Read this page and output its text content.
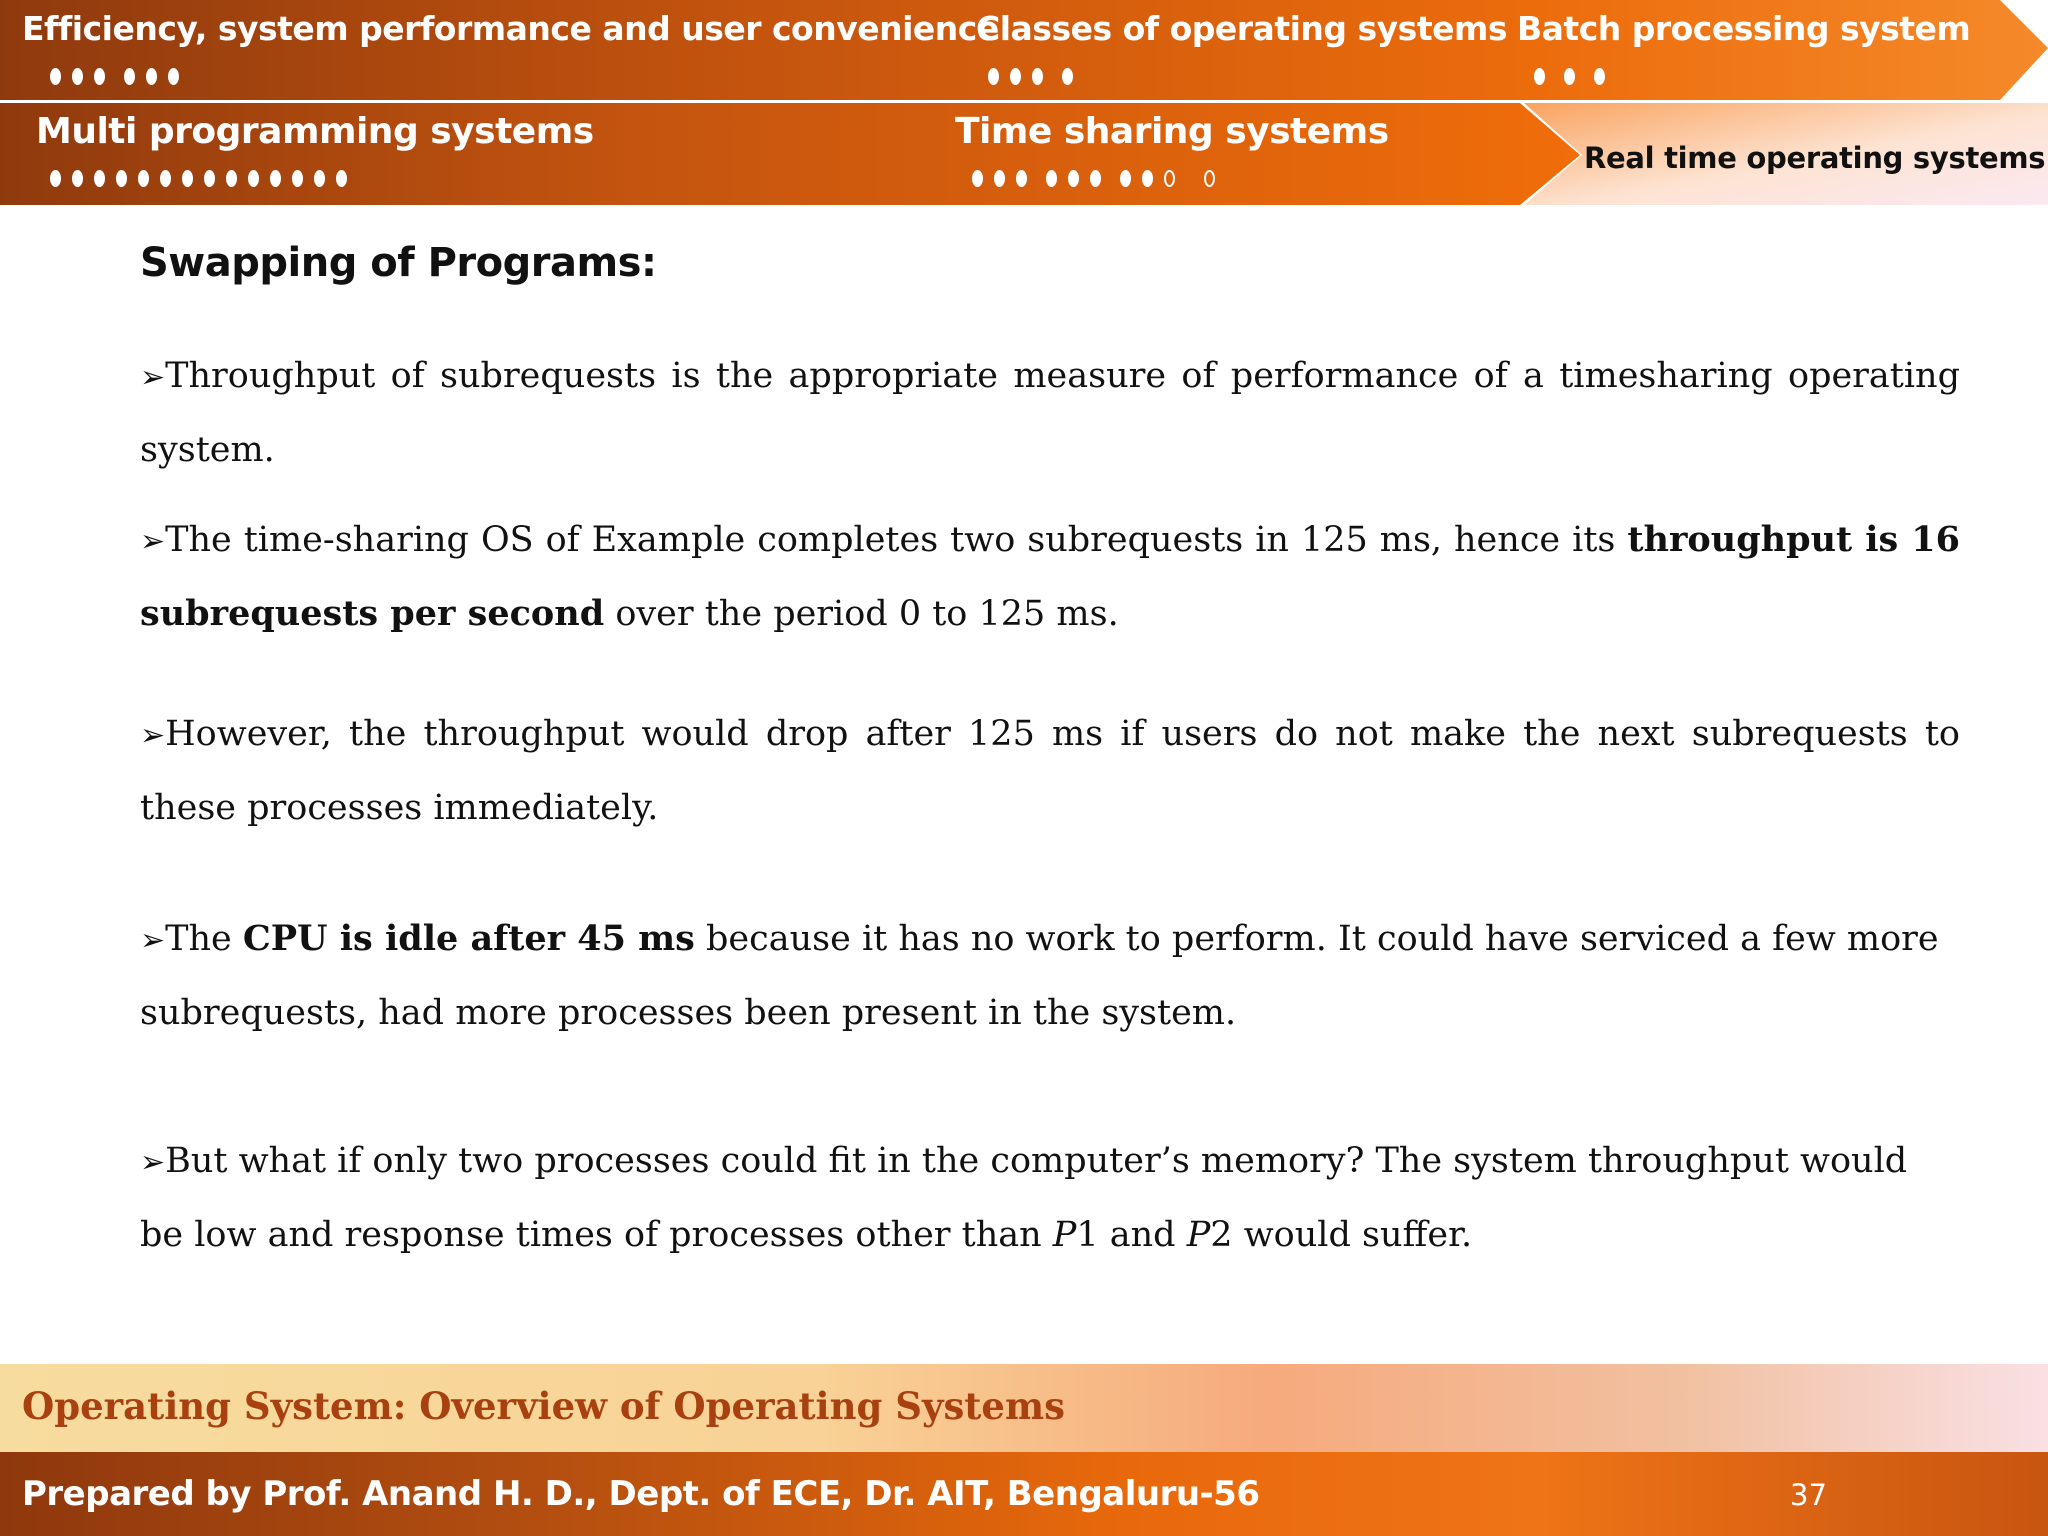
Efficiency, system performance and user convenience
Classes of operating systems Batch processing system
Multi programming systems	Time sharing systems
Real time operating systems
Swapping of Programs:
➢Throughput of subrequests is the appropriate measure of performance of a timesharing operating system.
➢The time-sharing OS of Example completes two subrequests in 125 ms, hence its throughput is 16 subrequests per second over the period 0 to 125 ms.
➢However, the throughput would drop after 125 ms if users do not make the next subrequests to these processes immediately.
➢The CPU is idle after 45 ms because it has no work to perform. It could have serviced a few more subrequests, had more processes been present in the system.
➢But what if only two processes could fit in the computer’s memory? The system throughput would be low and response times of processes other than P1 and P2 would suffer.
Operating System: Overview of Operating Systems
Prepared by Prof. Anand H. D., Dept. of ECE, Dr. AIT, Bengaluru-56	37
